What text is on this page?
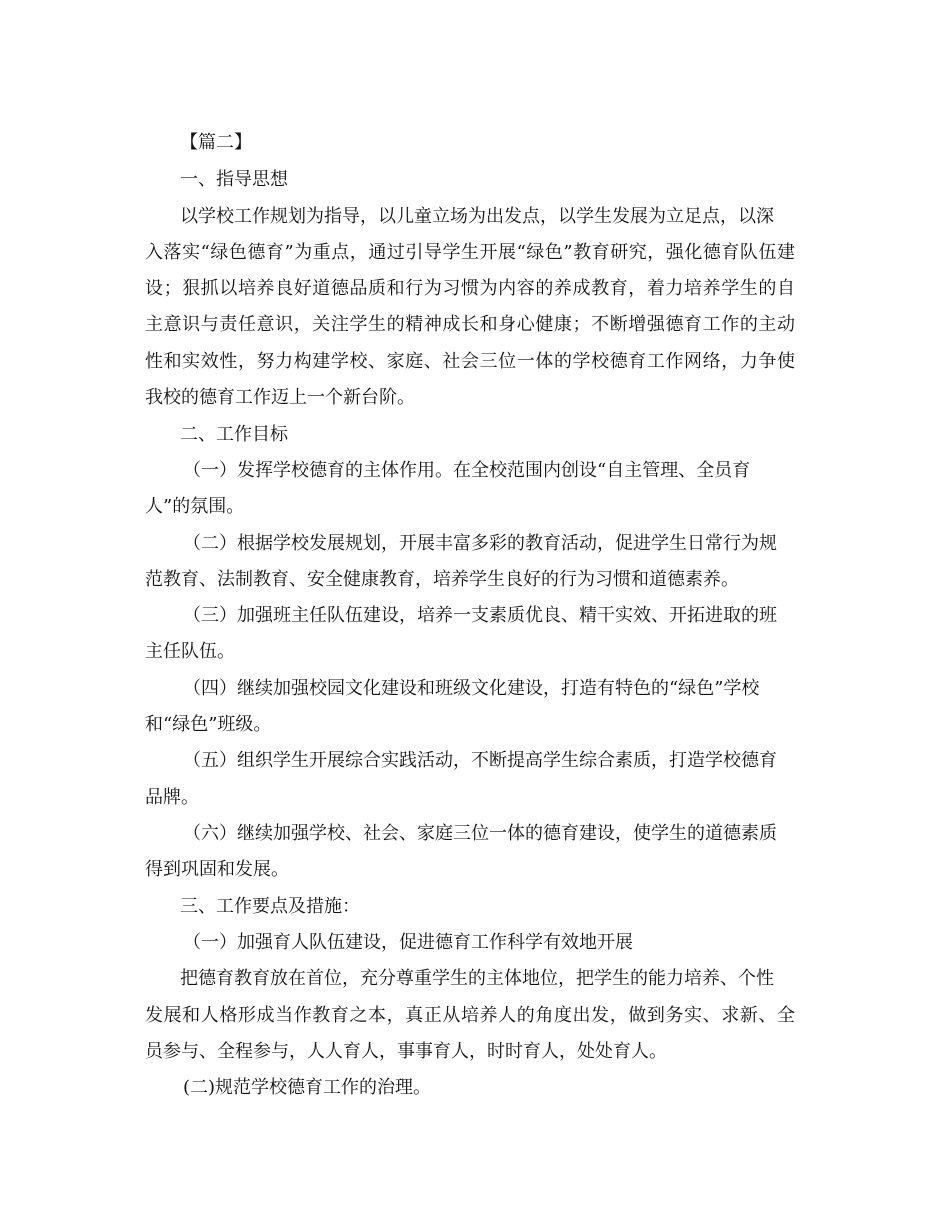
【篇二】
一、指导思想
以学校工作规划为指导，以儿童立场为出发点，以学生发展为立足点，以深
入落实“绿色德育”为重点，通过引导学生开展“绿色”教育研究，强化德育队伍建
设；狠抓以培养良好道德品质和行为习惯为内容的养成教育，着力培养学生的自
主意识与责任意识，关注学生的精神成长和身心健康；不断增强德育工作的主动
性和实效性，努力构建学校、家庭、社会三位一体的学校德育工作网络，力争使
我校的德育工作迈上一个新台阶。
二、工作目标
（一）发挥学校德育的主体作用。在全校范围内创设“自主管理、全员育
人”的氛围。
（二）根据学校发展规划，开展丰富多彩的教育活动，促进学生日常行为规
范教育、法制教育、安全健康教育，培养学生良好的行为习惯和道德素养。
（三）加强班主任队伍建设，培养一支素质优良、精干实效、开拓进取的班
主任队伍。
（四）继续加强校园文化建设和班级文化建设，打造有特色的“绿色”学校
和“绿色”班级。
（五）组织学生开展综合实践活动，不断提高学生综合素质，打造学校德育
品牌。
（六）继续加强学校、社会、家庭三位一体的德育建设，使学生的道德素质
得到巩固和发展。
三、工作要点及措施：
（一）加强育人队伍建设，促进德育工作科学有效地开展
把德育教育放在首位，充分尊重学生的主体地位，把学生的能力培养、个性
发展和人格形成当作教育之本，真正从培养人的角度出发，做到务实、求新、全
员参与、全程参与，人人育人，事事育人，时时育人，处处育人。
(二)规范学校德育工作的治理。
